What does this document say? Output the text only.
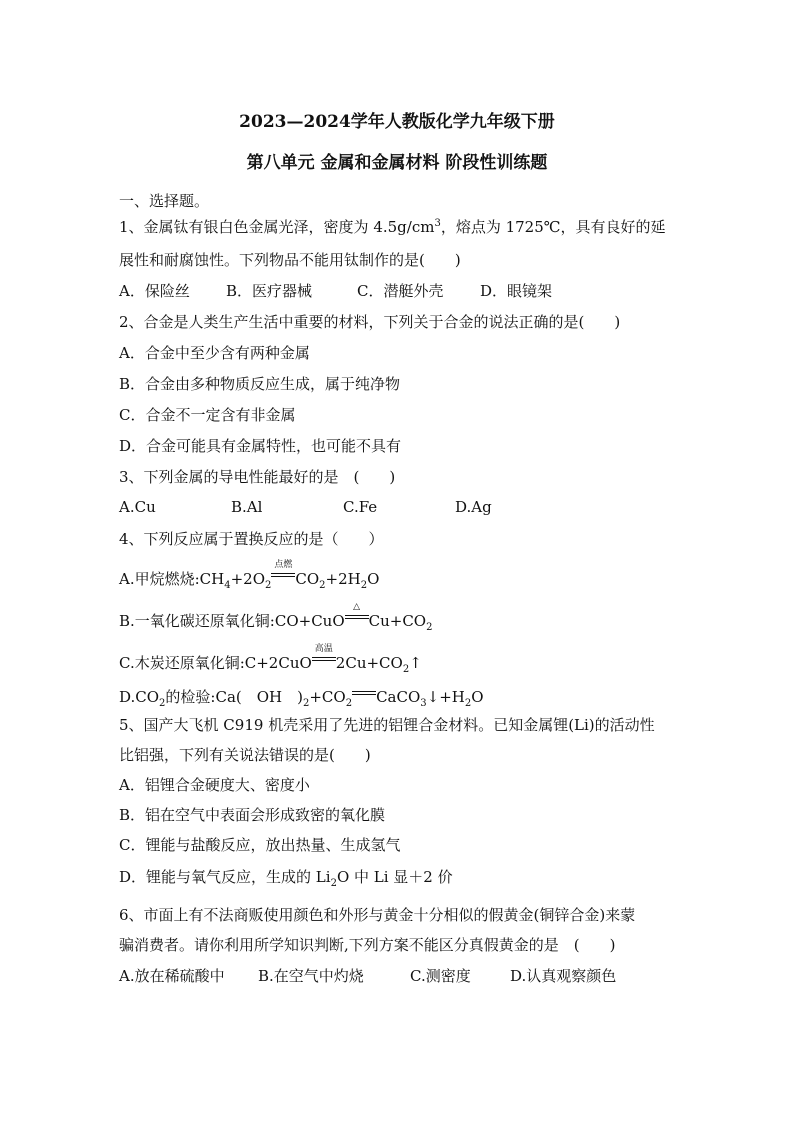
2023—2024学年人教版化学九年级下册
第八单元 金属和金属材料 阶段性训练题
一、选择题。
1、金属钛有银白色金属光泽，密度为 $4.5g/cm^3$，熔点为 1725℃，具有良好的延
展性和耐腐蚀性。下列物品不能用钛制作的是(　　)
A．保险丝 B．医疗器械	C．潜艇外壳 D．眼镜架
2、合金是人类生产生活中重要的材料，下列关于合金的说法正确的是(　　)
A．合金中至少含有两种金属
B．合金由多种物质反应生成，属于纯净物
C．合金不一定含有非金属
D．合金可能具有金属特性，也可能不具有
3、下列金属的导电性能最好的是　(　　)
A.Cu	B.Al	C.Fe	D.Ag
4、下列反应属于置换反应的是（　　）
A.甲烷燃烧$:CH_4+2O_2$
点燃
$CO_2+2H_2O$
B.一氧化碳还原氧化铜:CO+CuO
△
$Cu+CO_2$
C.木炭还原氧化铜:C+2CuO
高温
$2Cu+CO_2↑$
$D.CO_2$的检验:Ca(　OH　)$_2+CO_2$ $CaCO_3↓+H_2O$
5、国产大飞机 C919 机壳采用了先进的铝锂合金材料。已知金属锂(Li)的活动性
比铝强，下列有关说法错误的是(　　)
A．铝锂合金硬度大、密度小
B．铝在空气中表面会形成致密的氧化膜
C．锂能与盐酸反应，放出热量、生成氢气
D．锂能与氧气反应，生成的 $Li_2O$ 中 Li 显＋2 价
6、市面上有不法商贩使用颜色和外形与黄金十分相似的假黄金(铜锌合金)来蒙
骗消费者。请你利用所学知识判断,下列方案不能区分真假黄金的是　(　　)
A.放在稀硫酸中 B.在空气中灼烧	C.测密度	D.认真观察颜色
